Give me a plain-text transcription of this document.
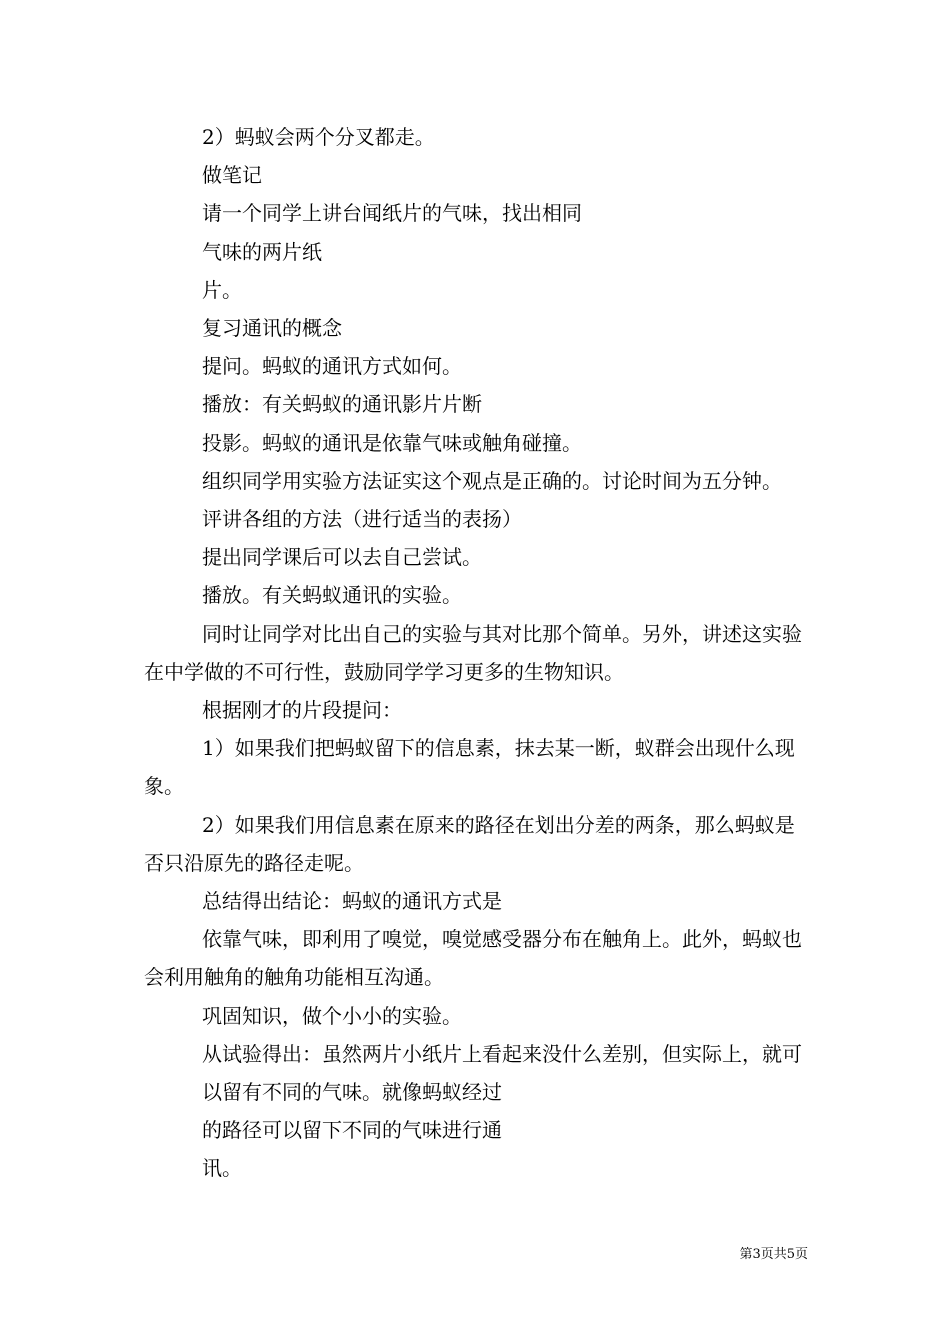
2）蚂蚁会两个分叉都走。

做笔记

请一个同学上讲台闻纸片的气味，找出相同

气味的两片纸

片。

复习通讯的概念

提问。蚂蚁的通讯方式如何。

播放：有关蚂蚁的通讯影片片断

投影。蚂蚁的通讯是依靠气味或触角碰撞。

组织同学用实验方法证实这个观点是正确的。讨论时间为五分钟。

评讲各组的方法（进行适当的表扬）

提出同学课后可以去自己尝试。

播放。有关蚂蚁通讯的实验。

同时让同学对比出自己的实验与其对比那个简单。另外，讲述这实验在中学做的不可行性，鼓励同学学习更多的生物知识。

根据刚才的片段提问：

1）如果我们把蚂蚁留下的信息素，抹去某一断，蚁群会出现什么现象。

2）如果我们用信息素在原来的路径在划出分差的两条，那么蚂蚁是否只沿原先的路径走呢。

总结得出结论：蚂蚁的通讯方式是

依靠气味，即利用了嗅觉，嗅觉感受器分布在触角上。此外，蚂蚁也会利用触角的触角功能相互沟通。

巩固知识，做个小小的实验。

从试验得出：虽然两片小纸片上看起来没什么差别，但实际上，就可

以留有不同的气味。就像蚂蚁经过

的路径可以留下不同的气味进行通

讯。

第3页共5页
